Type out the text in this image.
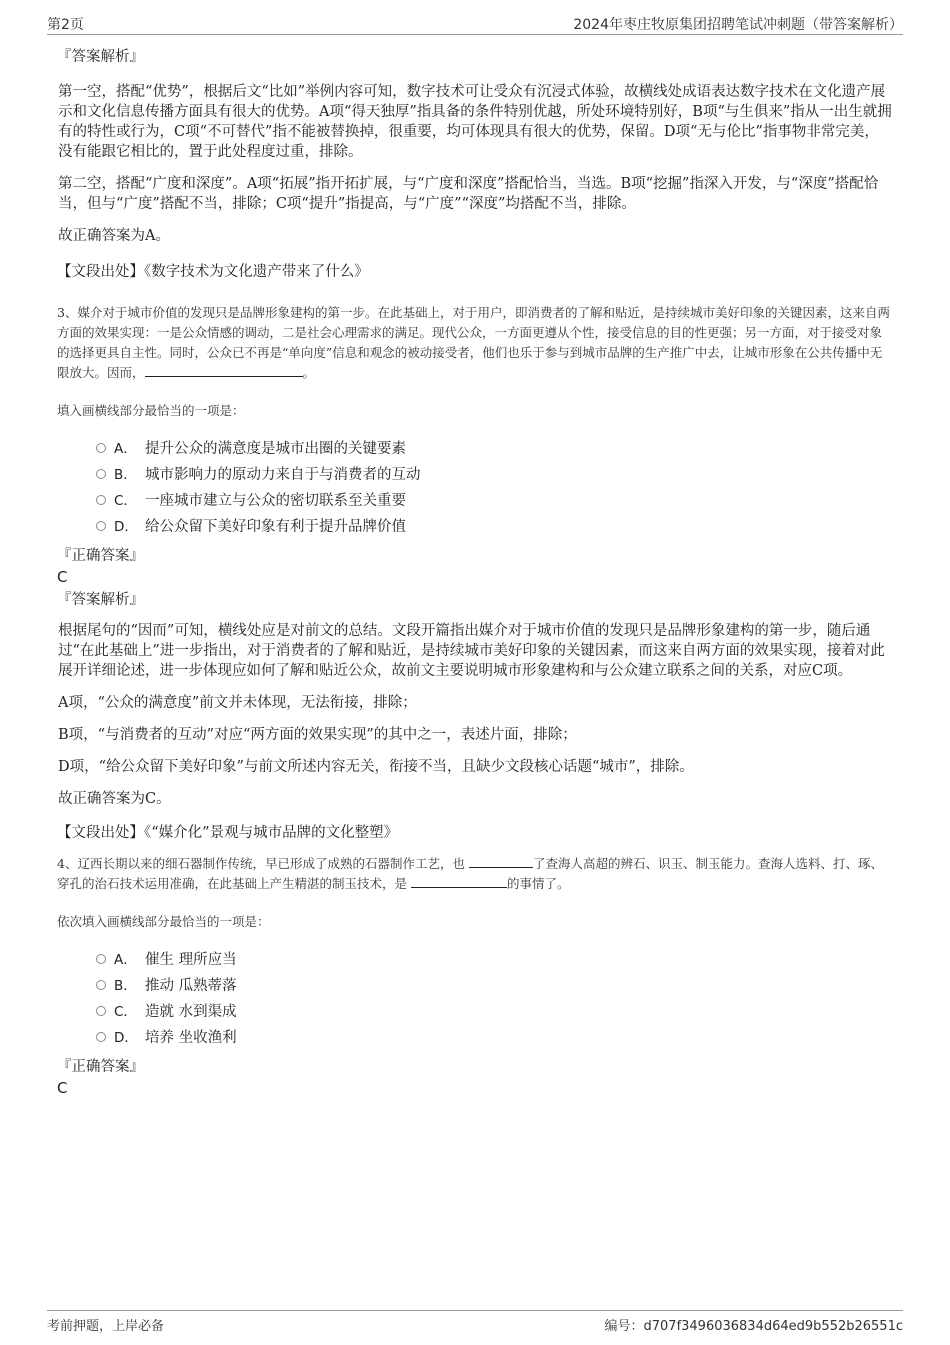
第2页	2024年枣庄牧原集团招聘笔试冲刺题（带答案解析）
『答案解析』

第一空，搭配“优势”，根据后文“比如”举例内容可知，数字技术可让受众有沉浸式体验，故横线处成语表达数字技术在文化遗产展示和文化信息传播方面具有很大的优势。A项“得天独厚”指具备的条件特别优越，所处环境特别好，B项“与生俱来”指从一出生就拥有的特性或行为，C项“不可替代”指不能被替换掉，很重要，均可体现具有很大的优势，保留。D项“无与伦比”指事物非常完美，没有能跟它相比的，置于此处程度过重，排除。

第二空，搭配“广度和深度”。A项“拓展”指开拓扩展，与“广度和深度”搭配恰当，当选。B项“挖掘”指深入开发，与“深度”搭配恰当，但与“广度”搭配不当，排除；C项“提升”指提高，与“广度”“深度”均搭配不当，排除。

故正确答案为A。

【文段出处】《数字技术为文化遗产带来了什么》

3、媒介对于城市价值的发现只是品牌形象建构的第一步。在此基础上，对于用户，即消费者的了解和贴近，是持续城市美好印象的关键因素，这来自两方面的效果实现：一是公众情感的调动，二是社会心理需求的满足。现代公众，一方面更遵从个性，接受信息的目的性更强；另一方面，对于接受对象的选择更具自主性。同时，公众已不再是“单向度”信息和观念的被动接受者，他们也乐于参与到城市品牌的生产推广中去，让城市形象在公共传播中无限放大。因而，	。

填入画横线部分最恰当的一项是：

A． 提升公众的满意度是城市出圈的关键要素
B． 城市影响力的原动力来自于与消费者的互动
C． 一座城市建立与公众的密切联系至关重要
D． 给公众留下美好印象有利于提升品牌价值
『正确答案』

C

『答案解析』

根据尾句的“因而”可知，横线处应是对前文的总结。文段开篇指出媒介对于城市价值的发现只是品牌形象建构的第一步，随后通过“在此基础上”进一步指出，对于消费者的了解和贴近，是持续城市美好印象的关键因素，而这来自两方面的效果实现，接着对此展开详细论述，进一步体现应如何了解和贴近公众，故前文主要说明城市形象建构和与公众建立联系之间的关系，对应C项。

A项，“公众的满意度”前文并未体现，无法衔接，排除；

B项，“与消费者的互动”对应“两方面的效果实现”的其中之一，表述片面，排除；

D项，“给公众留下美好印象”与前文所述内容无关，衔接不当，且缺少文段核心话题“城市”，排除。

故正确答案为C。

【文段出处】《“媒介化”景观与城市品牌的文化整塑》

4、辽西长期以来的细石器制作传统，早已形成了成熟的石器制作工艺，也	了查海人高超的辨石、识玉、制玉能力。查海人选料、打、琢、穿孔的治石技术运用准确，在此基础上产生精湛的制玉技术，是	的事情了。

依次填入画横线部分最恰当的一项是：

A． 催生 理所应当
B． 推动 瓜熟蒂落
C． 造就 水到渠成
D． 培养 坐收渔利
『正确答案』

C

考前押题，上岸必备	编号：d707f3496036834d64ed9b552b26551c
